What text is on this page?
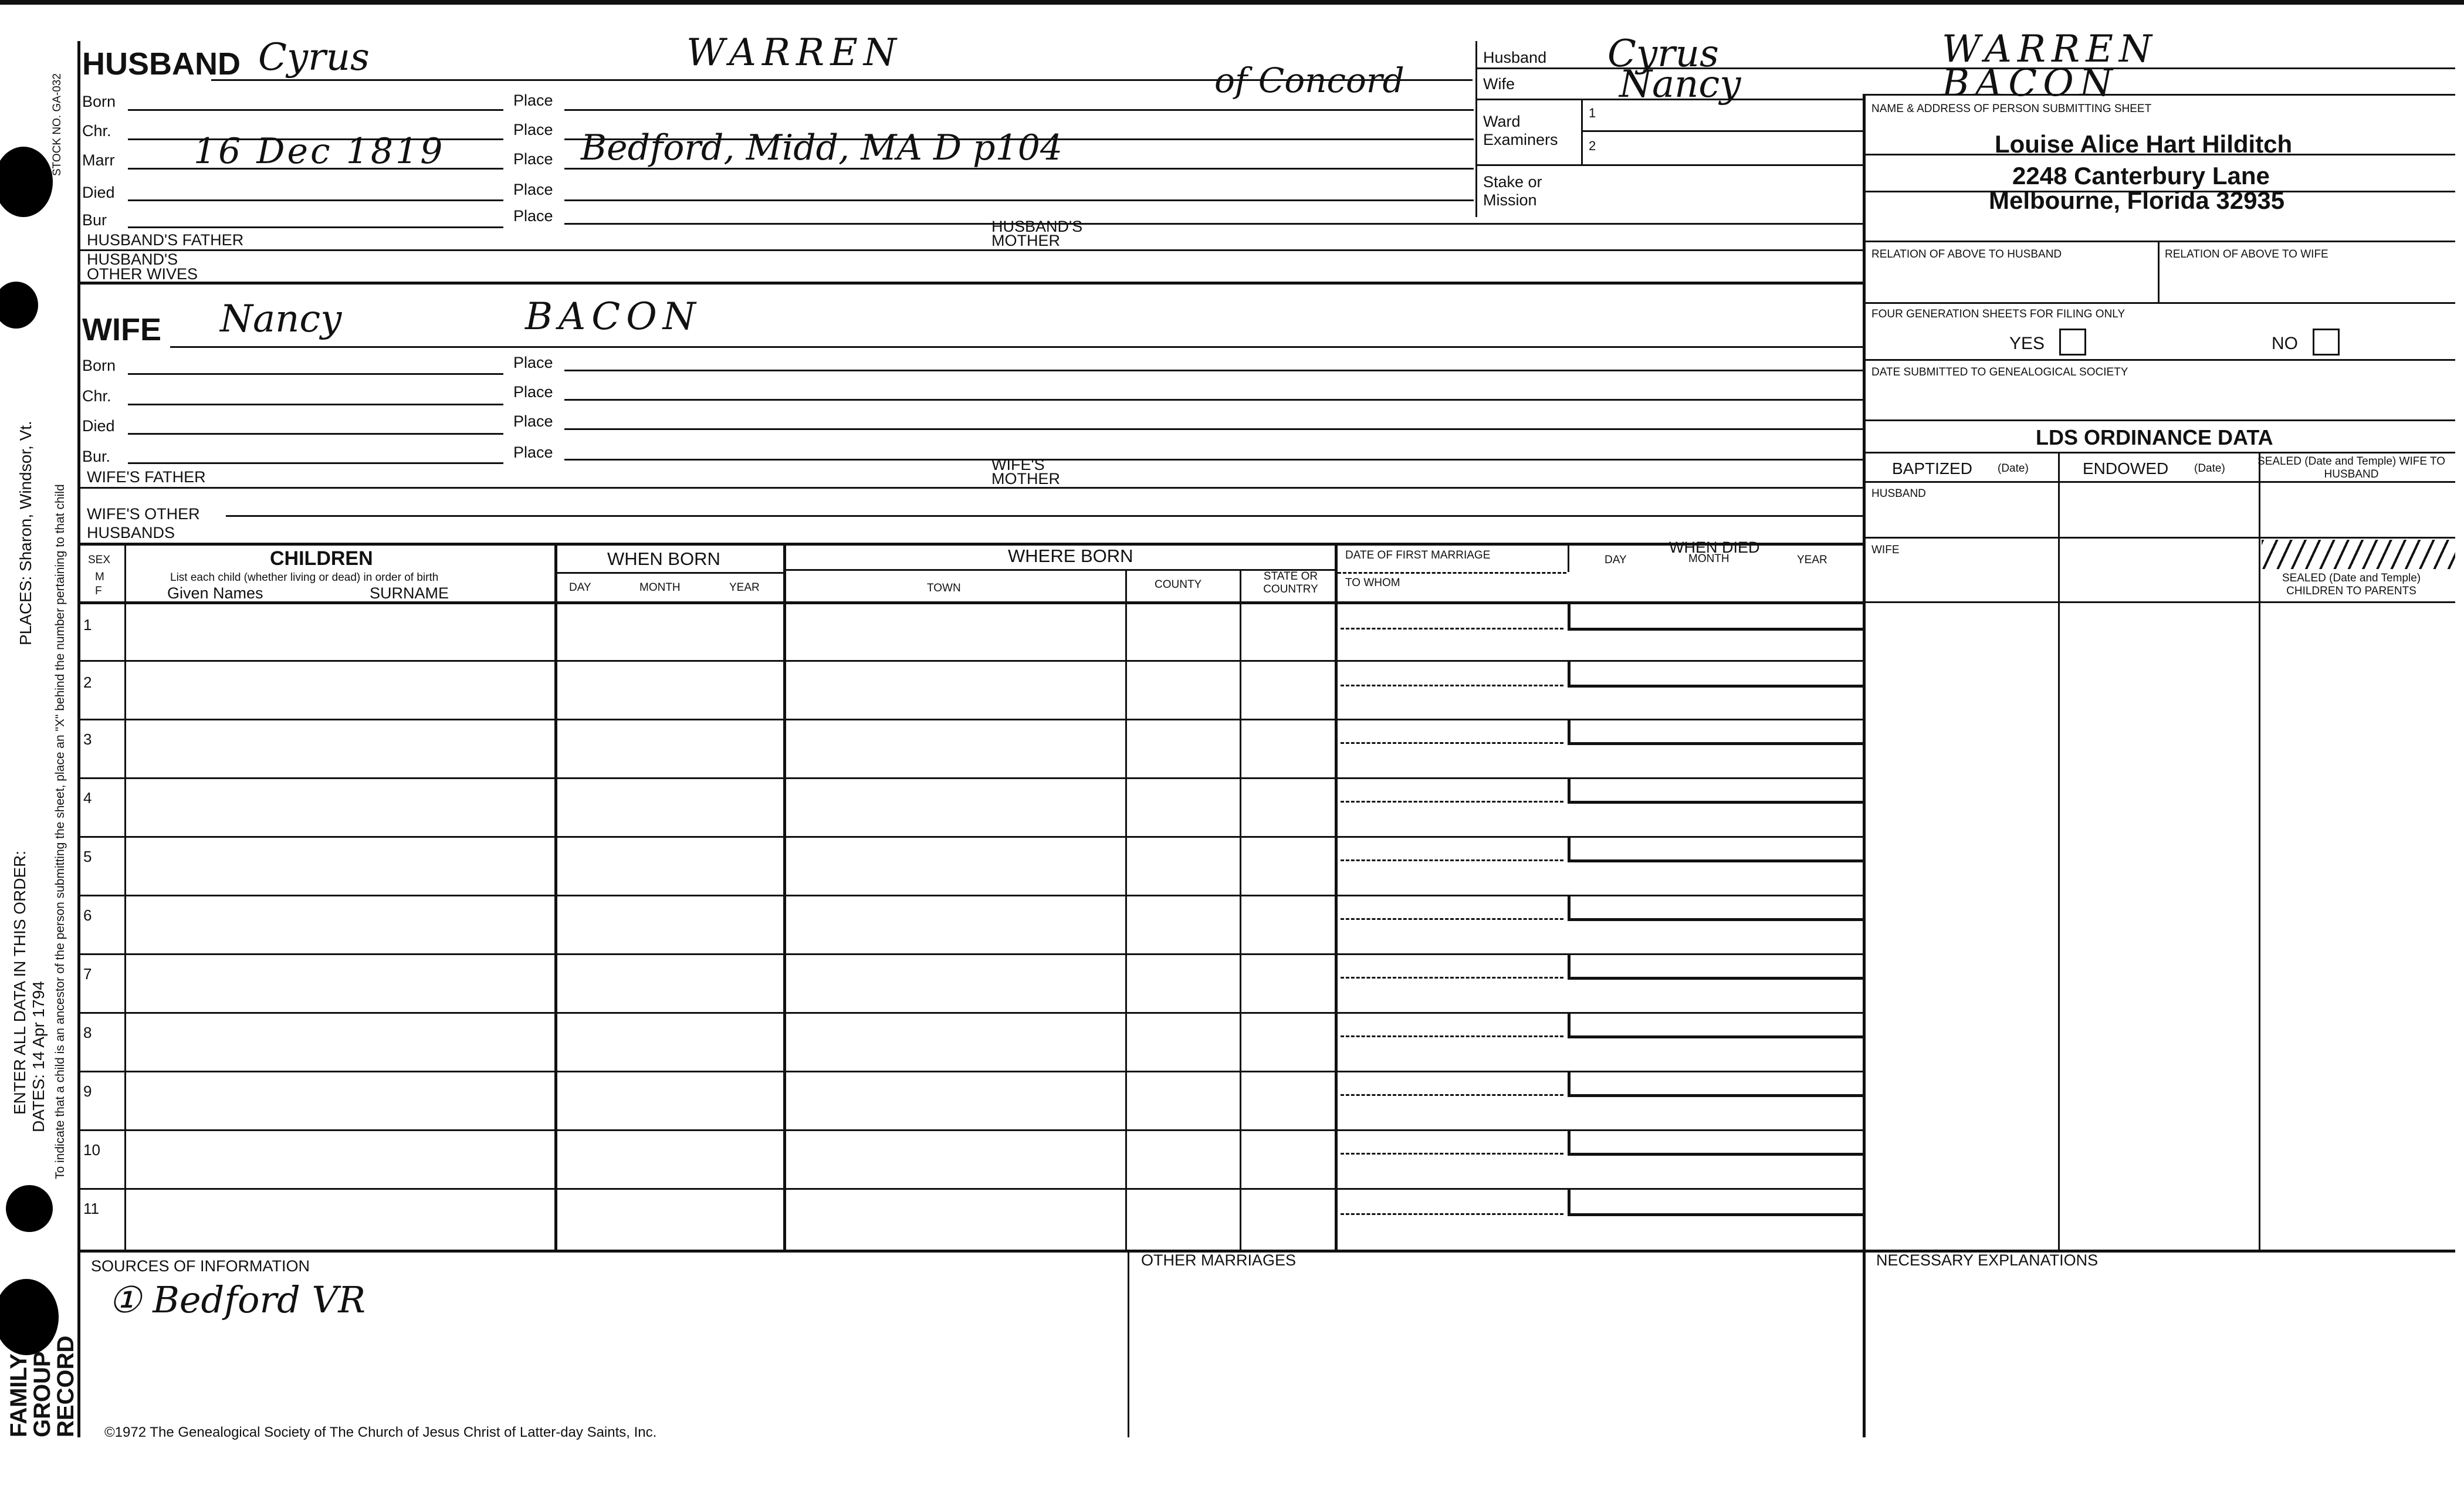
FAMILY GROUP RECORD
STOCK NO. GA-032
ENTER ALL DATA IN THIS ORDER: DATES: 14 Apr 1794
PLACES: Sharon, Windsor, Vt. To indicate that a child is an ancestor of the person submitting the sheet, place an "X" behind the number pertaining to that child
HUSBAND Cyrus	WARREN
of Concord
Born	Place
Chr.	Place
Marr 16 Dec 1819	Place Bedford, Midd, MA D p104
Died	Place
Bur	Place
HUSBAND'S FATHER
HUSBAND'S MOTHER
HUSBAND'S OTHER WIVES
Husband Cyrus	WARREN
Wife	Nancy	BACON
Ward Examiners
1
2
Stake or Mission
WIFE Nancy	BACON
Born	Place
Chr.	Place
Died	Place
Bur.	Place
WIFE'S FATHER
WIFE'S MOTHER
WIFE'S OTHER HUSBANDS
NAME & ADDRESS OF PERSON SUBMITTING SHEET
Louise Alice Hart Hilditch
2248 Canterbury Lane
Melbourne, Florida 32935
RELATION OF ABOVE TO HUSBAND	RELATION OF ABOVE TO WIFE
FOUR GENERATION SHEETS FOR FILING ONLY
YES	NO
DATE SUBMITTED TO GENEALOGICAL SOCIETY
LDS ORDINANCE DATA
BAPTIZED (Date)	ENDOWED (Date)
SEALED (Date and Temple) WIFE TO HUSBAND
HUSBAND
WIFE
SEALED (Date and Temple) CHILDREN TO PARENTS
SEX
M F
CHILDREN
List each child (whether living or dead) in order of birth
Given Names	SURNAME
WHEN BORN
DAY	MONTH	YEAR
WHERE BORN
TOWN	COUNTY
STATE OR COUNTRY
DATE OF FIRST MARRIAGE
TO WHOM
WHEN DIED
DAY	MONTH	YEAR
1
2
3
4
5
6
7
8
9
10
11
SOURCES OF INFORMATION
① Bedford VR
OTHER MARRIAGES	NECESSARY EXPLANATIONS
©1972 The Genealogical Society of The Church of Jesus Christ of Latter-day Saints, Inc.
